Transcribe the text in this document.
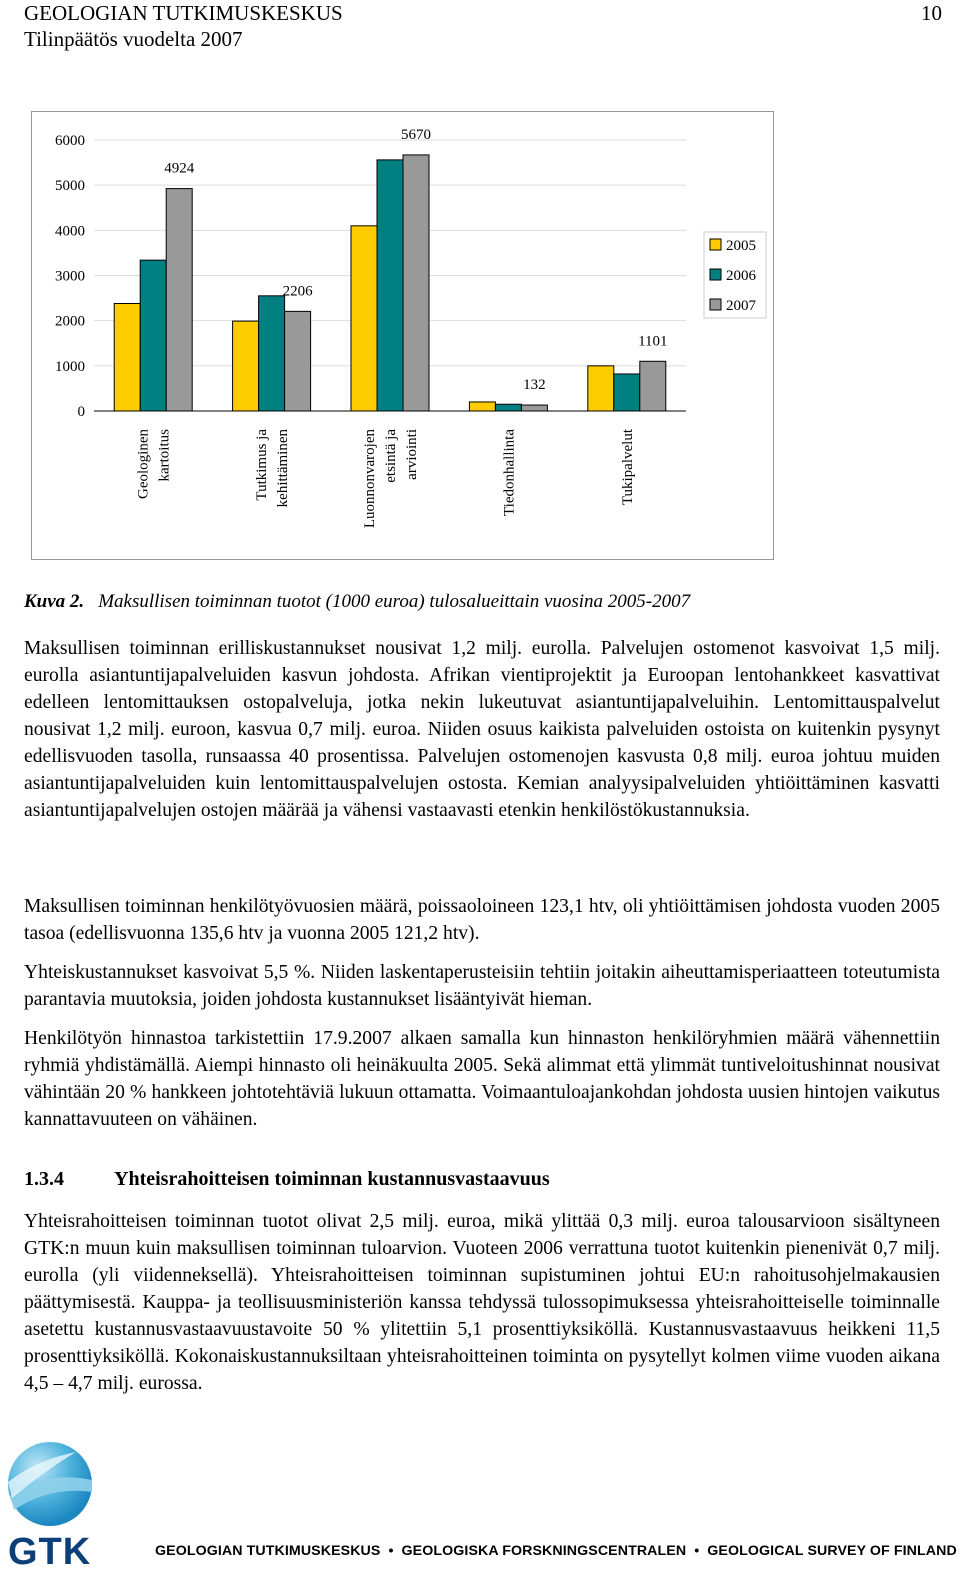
GEOLOGIAN TUTKIMUSKESKUS
Tilinpäätös vuodelta 2007
10
0
1000
2000
3000
4000
5000
6000
4924
2206
5670
132
1101
Geologinen kartoitus	Tutkimus ja kehittäminen	Luonnonvarojen etsintä ja arviointi	Tiedonhallinta	Tukipalvelut
2005
2006
2007
Kuva 2. Maksullisen toiminnan tuotot (1000 euroa) tulosalueittain vuosina 2005-2007

Maksullisen toiminnan erilliskustannukset nousivat 1,2 milj. eurolla. Palvelujen ostomenot kasvoivat 1,5 milj. eurolla asiantuntijapalveluiden kasvun johdosta. Afrikan vientiprojektit ja Euroopan lentohankkeet kasvattivat edelleen lentomittauksen ostopalveluja, jotka nekin lukeutuvat asiantuntijapalveluihin. Lentomittauspalvelut nousivat 1,2 milj. euroon, kasvua 0,7 milj. euroa. Niiden osuus kaikista palveluiden ostoista on kuitenkin pysynyt edellisvuoden tasolla, runsaassa 40 prosentissa. Palvelujen ostomenojen kasvusta 0,8 milj. euroa johtuu muiden asiantuntijapalveluiden kuin lentomittauspalvelujen ostosta. Kemian analyysipalveluiden yhtiöittäminen kasvatti asiantuntijapalvelujen ostojen määrää ja vähensi vastaavasti etenkin henkilöstökustannuksia.

Maksullisen toiminnan henkilötyövuosien määrä, poissaoloineen 123,1 htv, oli yhtiöittämisen johdosta vuoden 2005 tasoa (edellisvuonna 135,6 htv ja vuonna 2005 121,2 htv).

Yhteiskustannukset kasvoivat 5,5 %. Niiden laskentaperusteisiin tehtiin joitakin aiheuttamisperiaatteen toteutumista parantavia muutoksia, joiden johdosta kustannukset lisääntyivät hieman.

Henkilötyön hinnastoa tarkistettiin 17.9.2007 alkaen samalla kun hinnaston henkilöryhmien määrä vähennettiin ryhmiä yhdistämällä. Aiempi hinnasto oli heinäkuulta 2005. Sekä alimmat että ylimmät tuntiveloitushinnat nousivat vähintään 20 % hankkeen johtotehtäviä lukuun ottamatta. Voimaantuloajankohdan johdosta uusien hintojen vaikutus kannattavuuteen on vähäinen.

1.3.4	Yhteisrahoitteisen toiminnan kustannusvastaavuus

Yhteisrahoitteisen toiminnan tuotot olivat 2,5 milj. euroa, mikä ylittää 0,3 milj. euroa talousarvioon sisältyneen GTK:n muun kuin maksullisen toiminnan tuloarvion. Vuoteen 2006 verrattuna tuotot kuitenkin pienenivät 0,7 milj. eurolla (yli viidenneksellä). Yhteisrahoitteisen toiminnan supistuminen johtui EU:n rahoitusohjelmakausien päättymisestä. Kauppa- ja teollisuusministeriön kanssa tehdyssä tulossopimuksessa yhteisrahoitteiselle toiminnalle asetettu kustannusvastaavuustavoite 50 % ylitettiin 5,1 prosenttiyksiköllä. Kustannusvastaavuus heikkeni 11,5 prosenttiyksiköllä. Kokonaiskustannuksiltaan yhteisrahoitteinen toiminta on pysytellyt kolmen viime vuoden aikana 4,5 – 4,7 milj. eurossa.

GTK	GEOLOGIAN TUTKIMUSKESKUS • GEOLOGISKA FORSKNINGSCENTRALEN • GEOLOGICAL SURVEY OF FINLAND
